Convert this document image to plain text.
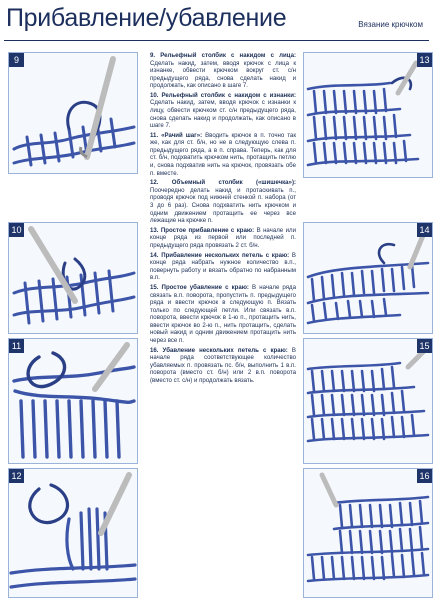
Прибавление/убавление	Вязание крючком
9
10
11
12
13
14
15
16

9. Рельефный столбик с накидом с лица: Сделать накид, затем, вводя крючок с лица к изнанке, обвести крючком вокруг ст. с/н предыдущего ряда, снова сделать накид и продолжать, как описано в шаге 7.

10. Рельефный столбик с накидом с изнанки: Сделать накид, затем, вводя крючок с изнанки к лицу, обвести крючком ст. с/н предыдущего ряда, снова сделать накид и продолжать, как описано в шаге 7.

11. «Рачий шаг»: Вводить крючок в п. точно так же, как для ст. б/н, но не в следующую слева п. предыдущего ряда, а в п. справа. Теперь, как для ст. б/н, подхватить крючком нить, протащить петлю и, снова подхватив нить на крючок, провязать обе п. вместе.

12. Объемный столбик («шишечка»): Поочередно делать накид и протаскивать п., проводя крючок под нижней стенкой п. набора (от 3 до 6 раз). Снова подхватить нить крючком и одним движением протащить ее через все лежащие на крючке п.

13. Простое прибавление с краю: В начале или конце ряда из первой или последней п. предыдущего ряда провязать 2 ст. б/н.

14. Прибавление нескольких петель с краю: В конце ряда набрать нужное количество в.п., повернуть работу и вязать обратно по набранным в.п.

15. Простое убавление с краю: В начале ряда связать в.п. поворота, пропустить п. предыдущего ряда и ввести крючок в следующую п. Вязать только по следующей петли. Или связать в.п. поворота, ввести крючок в 1-ю п., протащить нить, ввести крючок во 2-ю п., нить протащить, сделать новый накид и одним движением протащить нить через все п.

16. Убавление нескольких петель с краю: В начале ряда соответствующее количество убавляемых п. провязать пс. б/н, выполнить 1 в.п. поворота (вместо ст. б/н) или 2 в.п. поворота (вместо ст. с/н) и продолжать вязать.
